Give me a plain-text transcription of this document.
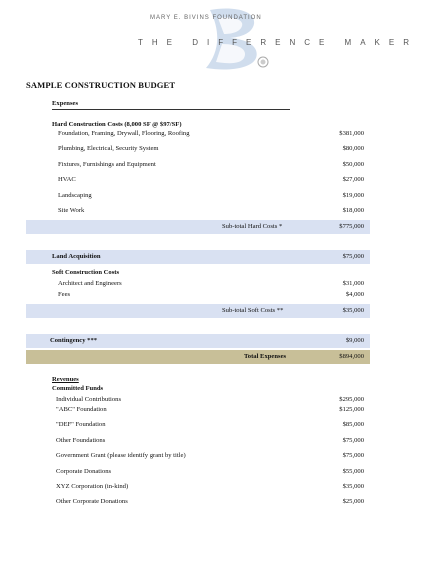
MARY E. BIVINS FOUNDATION
THE DIFFERENCE MAKER
SAMPLE CONSTRUCTION BUDGET
Expenses
Hard Construction Costs (8,000 SF @ $97/SF)
Foundation, Framing, Drywall, Flooring, Roofing	$381,000
Plumbing, Electrical, Security System	$80,000
Fixtures, Furnishings and Equipment	$50,000
HVAC	$27,000
Landscaping	$19,000
Site Work	$18,000
Sub-total Hard Costs *	$775,000
Land Acquisition	$75,000
Soft Construction Costs
Architect and Engineers	$31,000
Fees	$4,000
Sub-total Soft Costs **	$35,000
Contingency ***	$9,000
Total Expenses	$894,000
Revenues
Committed Funds
Individual Contributions	$295,000
"ABC" Foundation	$125,000
"DEF" Foundation	$85,000
Other Foundations	$75,000
Government Grant (please identify grant by title)	$75,000
Corporate Donations	$55,000
XYZ Corporation (in-kind)	$35,000
Other Corporate Donations	$25,000
